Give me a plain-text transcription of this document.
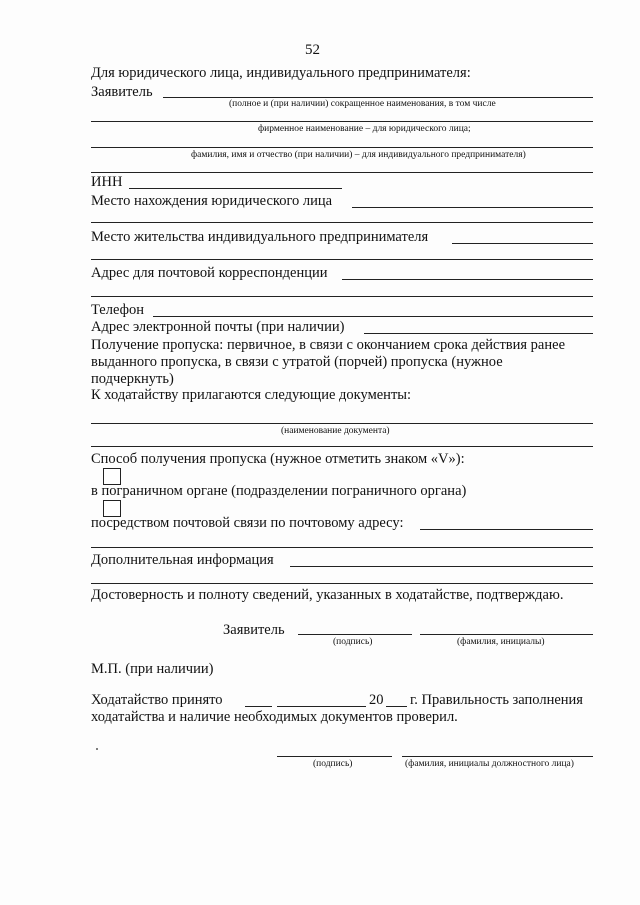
52
Для юридического лица, индивидуального предпринимателя:
Заявитель
(полное и (при наличии) сокращенное наименования, в том числе
фирменное наименование – для юридического лица;
фамилия, имя и отчество (при наличии) – для индивидуального предпринимателя)
ИНН
Место нахождения юридического лица
Место жительства индивидуального предпринимателя
Адрес для почтовой корреспонденции
Телефон
Адрес электронной почты (при наличии)
Получение пропуска: первичное, в связи с окончанием срока действия ранее
выданного пропуска, в связи с утратой (порчей) пропуска (нужное
подчеркнуть)
К ходатайству прилагаются следующие документы:
(наименование документа)
Способ получения пропуска (нужное отметить знаком «V»):
в пограничном органе (подразделении пограничного органа)
посредством почтовой связи по почтовому адресу:
Дополнительная информация
Достоверность и полноту сведений, указанных в ходатайстве, подтверждаю.
Заявитель
(подпись)	(фамилия, инициалы)
М.П. (при наличии)
Ходатайство принято	20 г. Правильность заполнения
ходатайства и наличие необходимых документов проверил.
(подпись)	(фамилия, инициалы должностного лица)
